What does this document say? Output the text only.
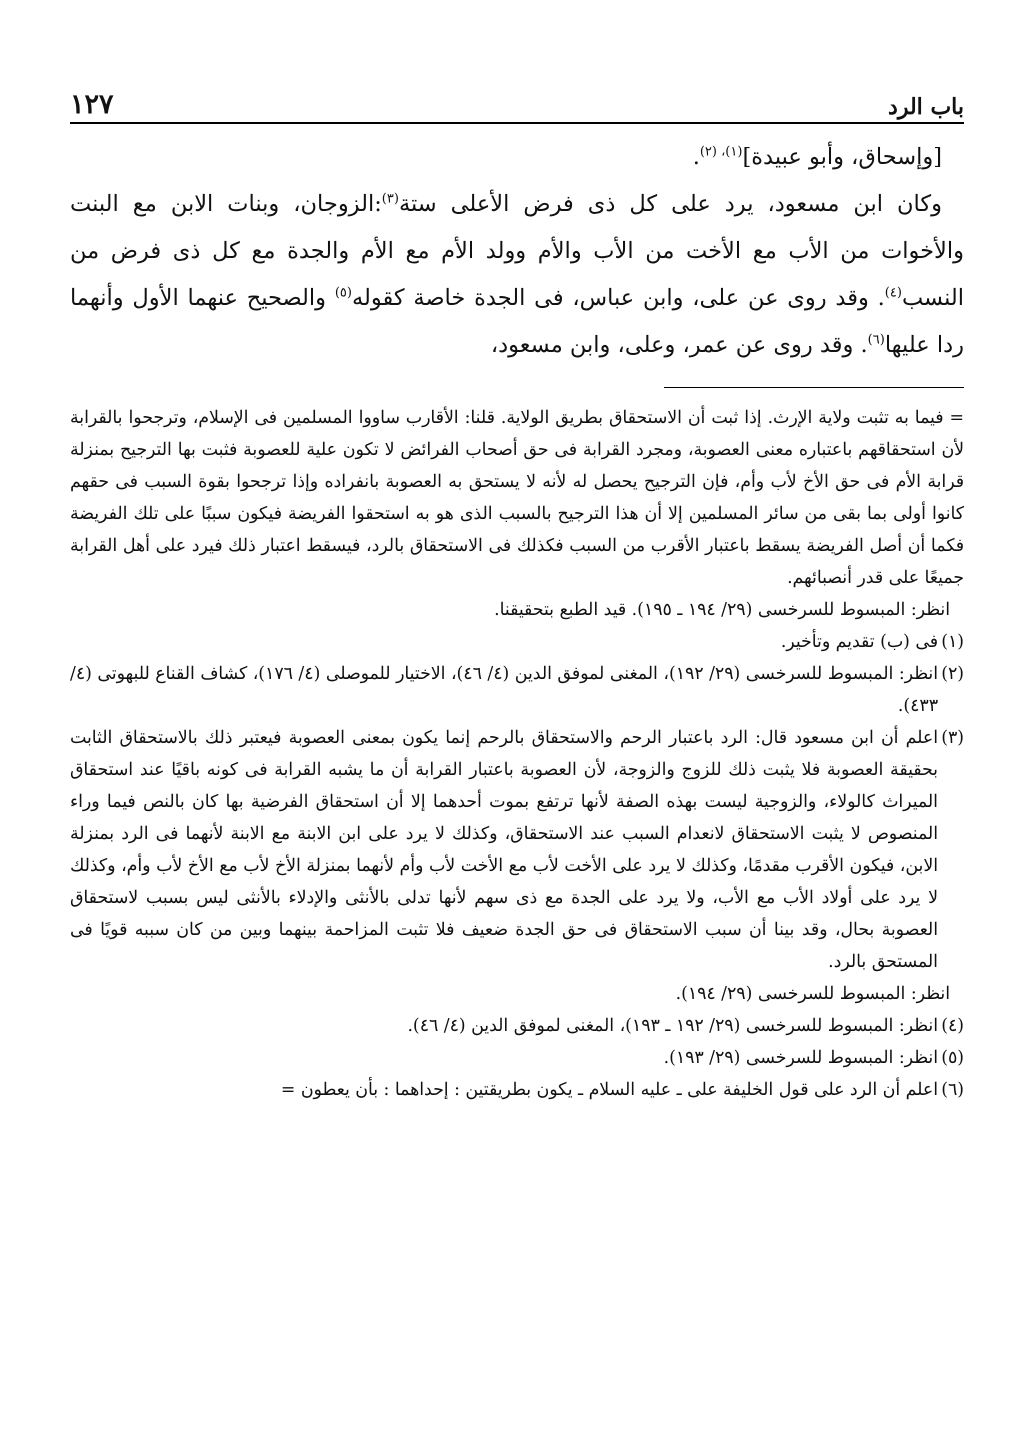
باب الرد
١٢٧

[وإسحاق، وأبو عبيدة]$^{(١)، (٢)}$.

وكان ابن مسعود، يرد على كل ذى فرض الأعلى ستة$^{(٣)}$:الزوجان، وبنات الابن مع البنت والأخوات من الأب مع الأخت من الأب والأم وولد الأم مع الأم والجدة مع كل ذى فرض من النسب$^{(٤)}$. وقد روى عن على، وابن عباس، فى الجدة خاصة كقوله$^{(٥)}$ والصحيح عنهما الأول وأنهما ردا عليها$^{(٦)}$. وقد روى عن عمر، وعلى، وابن مسعود،

= فيما به تثبت ولاية الإرث. إذا ثبت أن الاستحقاق بطريق الولاية. قلنا: الأقارب ساووا المسلمين فى الإسلام، وترجحوا بالقرابة لأن استحقاقهم باعتباره معنى العصوبة، ومجرد القرابة فى حق أصحاب الفرائض لا تكون علية للعصوبة فثبت بها الترجيح بمنزلة قرابة الأم فى حق الأخ لأب وأم، فإن الترجيح يحصل له لأنه لا يستحق به العصوبة بانفراده وإذا ترجحوا بقوة السبب فى حقهم كانوا أولى بما بقى من سائر المسلمين إلا أن هذا الترجيح بالسبب الذى هو به استحقوا الفريضة فيكون سببًا على تلك الفريضة فكما أن أصل الفريضة يسقط باعتبار الأقرب من السبب فكذلك فى الاستحقاق بالرد، فيسقط اعتبار ذلك فيرد على أهل القرابة جميعًا على قدر أنصبائهم.

انظر: المبسوط للسرخسى (٢٩/ ١٩٤ ـ ١٩٥). قيد الطبع بتحقيقنا.

(١)فى (ب) تقديم وتأخير.

(٢)انظر: المبسوط للسرخسى (٢٩/ ١٩٢)، المغنى لموفق الدين (٤/ ٤٦)، الاختيار للموصلى (٤/ ١٧٦)، كشاف القناع للبهوتى (٤/ ٤٣٣).

(٣)اعلم أن ابن مسعود قال: الرد باعتبار الرحم والاستحقاق بالرحم إنما يكون بمعنى العصوبة فيعتبر ذلك بالاستحقاق الثابت بحقيقة العصوبة فلا يثبت ذلك للزوج والزوجة، لأن العصوبة باعتبار القرابة أن ما يشبه القرابة فى كونه باقيًا عند استحقاق الميراث كالولاء، والزوجية ليست بهذه الصفة لأنها ترتفع بموت أحدهما إلا أن استحقاق الفرضية بها كان بالنص فيما وراء المنصوص لا يثبت الاستحقاق لانعدام السبب عند الاستحقاق، وكذلك لا يرد على ابن الابنة مع الابنة لأنهما فى الرد بمنزلة الابن، فيكون الأقرب مقدمًا، وكذلك لا يرد على الأخت لأب مع الأخت لأب وأم لأنهما بمنزلة الأخ لأب مع الأخ لأب وأم، وكذلك لا يرد على أولاد الأب مع الأب، ولا يرد على الجدة مع ذى سهم لأنها تدلى بالأنثى والإدلاء بالأنثى ليس بسبب لاستحقاق العصوبة بحال، وقد بينا أن سبب الاستحقاق فى حق الجدة ضعيف فلا تثبت المزاحمة بينهما وبين من كان سببه قويًا فى المستحق بالرد.

انظر: المبسوط للسرخسى (٢٩/ ١٩٤).

(٤)انظر: المبسوط للسرخسى (٢٩/ ١٩٢ ـ ١٩٣)، المغنى لموفق الدين (٤/ ٤٦).

(٥)انظر: المبسوط للسرخسى (٢٩/ ١٩٣).

(٦)اعلم أن الرد على قول الخليفة على ـ عليه السلام ـ يكون بطريقتين : إحداهما : بأن يعطون =
